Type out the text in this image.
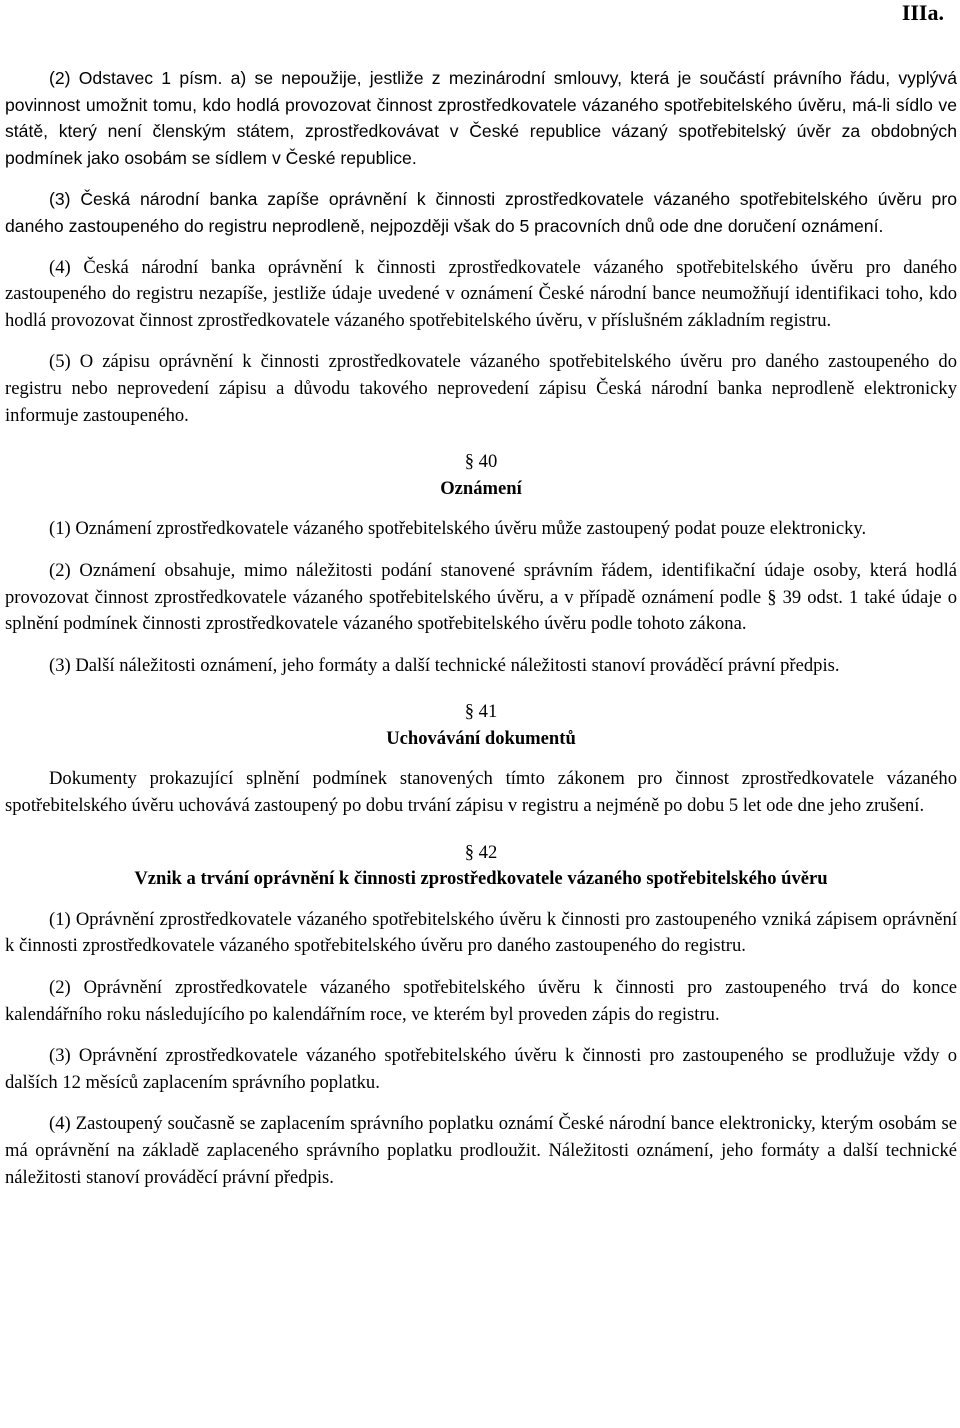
IIIa.

(2) Odstavec 1 písm. a) se nepoužije, jestliže z mezinárodní smlouvy, která je součástí právního řádu, vyplývá povinnost umožnit tomu, kdo hodlá provozovat činnost zprostředkovatele vázaného spotřebitelského úvěru, má-li sídlo ve státě, který není členským státem, zprostředkovávat v České republice vázaný spotřebitelský úvěr za obdobných podmínek jako osobám se sídlem v České republice.

(3) Česká národní banka zapíše oprávnění k činnosti zprostředkovatele vázaného spotřebitelského úvěru pro daného zastoupeného do registru neprodleně, nejpozději však do 5 pracovních dnů ode dne doručení oznámení.

(4) Česká národní banka oprávnění k činnosti zprostředkovatele vázaného spotřebitelského úvěru pro daného zastoupeného do registru nezapíše, jestliže údaje uvedené v oznámení České národní bance neumožňují identifikaci toho, kdo hodlá provozovat činnost zprostředkovatele vázaného spotřebitelského úvěru, v příslušném základním registru.

(5) O zápisu oprávnění k činnosti zprostředkovatele vázaného spotřebitelského úvěru pro daného zastoupeného do registru nebo neprovedení zápisu a důvodu takového neprovedení zápisu Česká národní banka neprodleně elektronicky informuje zastoupeného.

§ 40
Oznámení

(1) Oznámení zprostředkovatele vázaného spotřebitelského úvěru může zastoupený podat pouze elektronicky.

(2) Oznámení obsahuje, mimo náležitosti podání stanovené správním řádem, identifikační údaje osoby, která hodlá provozovat činnost zprostředkovatele vázaného spotřebitelského úvěru, a v případě oznámení podle § 39 odst. 1 také údaje o splnění podmínek činnosti zprostředkovatele vázaného spotřebitelského úvěru podle tohoto zákona.

(3) Další náležitosti oznámení, jeho formáty a další technické náležitosti stanoví prováděcí právní předpis.

§ 41
Uchovávání dokumentů

Dokumenty prokazující splnění podmínek stanovených tímto zákonem pro činnost zprostředkovatele vázaného spotřebitelského úvěru uchovává zastoupený po dobu trvání zápisu v registru a nejméně po dobu 5 let ode dne jeho zrušení.

§ 42
Vznik a trvání oprávnění k činnosti zprostředkovatele vázaného spotřebitelského úvěru

(1) Oprávnění zprostředkovatele vázaného spotřebitelského úvěru k činnosti pro zastoupeného vzniká zápisem oprávnění k činnosti zprostředkovatele vázaného spotřebitelského úvěru pro daného zastoupeného do registru.

(2) Oprávnění zprostředkovatele vázaného spotřebitelského úvěru k činnosti pro zastoupeného trvá do konce kalendářního roku následujícího po kalendářním roce, ve kterém byl proveden zápis do registru.

(3) Oprávnění zprostředkovatele vázaného spotřebitelského úvěru k činnosti pro zastoupeného se prodlužuje vždy o dalších 12 měsíců zaplacením správního poplatku.

(4) Zastoupený současně se zaplacením správního poplatku oznámí České národní bance elektronicky, kterým osobám se má oprávnění na základě zaplaceného správního poplatku prodloužit. Náležitosti oznámení, jeho formáty a další technické náležitosti stanoví prováděcí právní předpis.
